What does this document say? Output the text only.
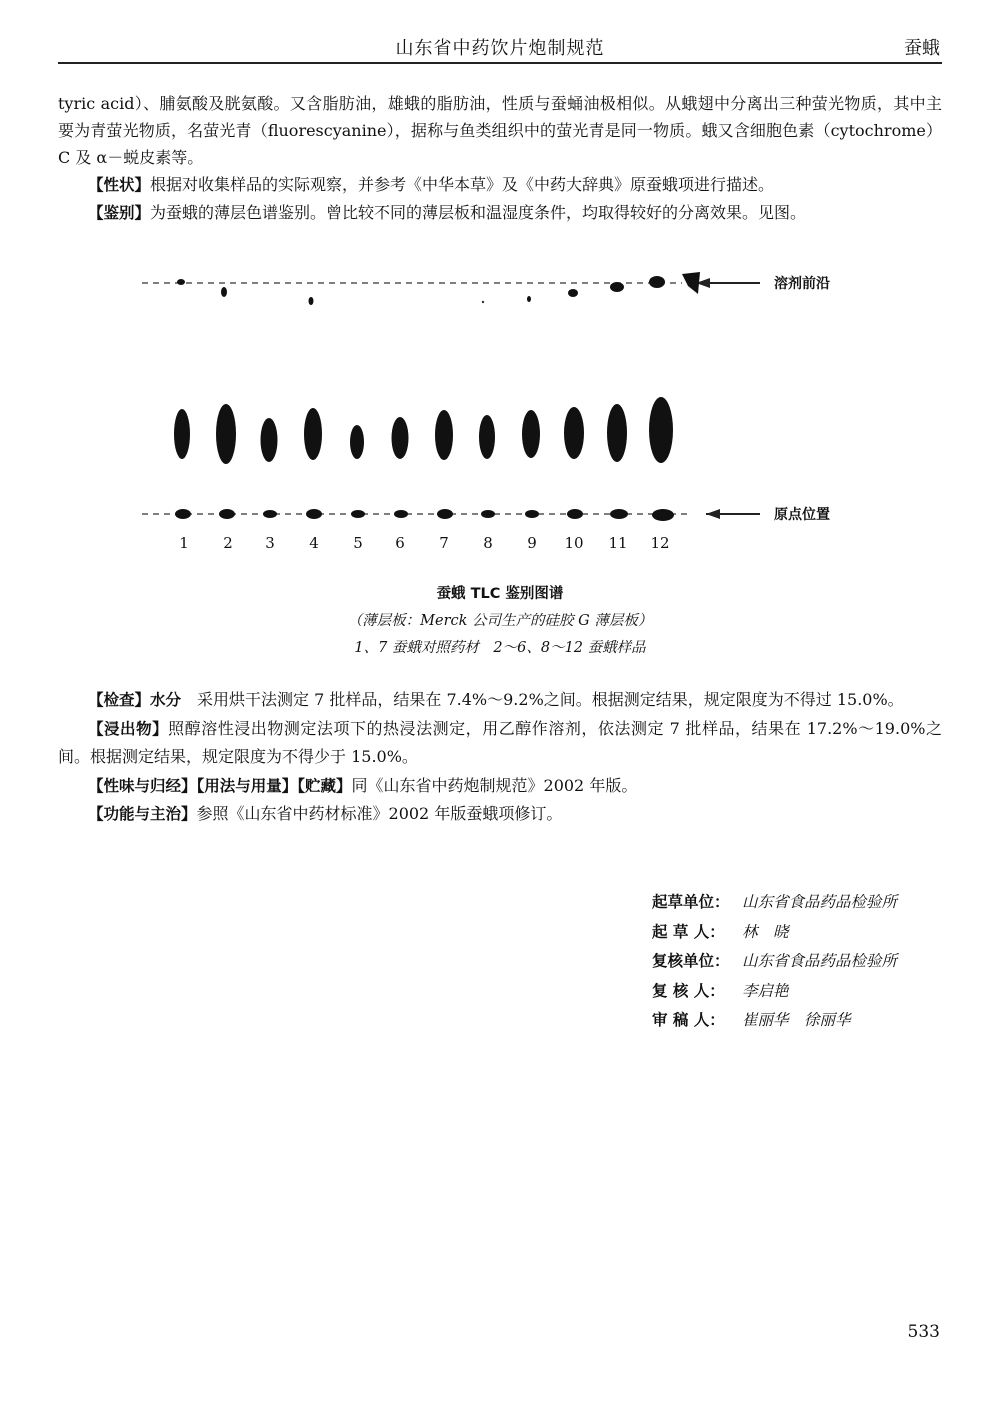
山东省中药饮片炮制规范	蚕蛾

tyric acid）、脯氨酸及胱氨酸。又含脂肪油，雄蛾的脂肪油，性质与蚕蛹油极相似。从蛾翅中分离出三种萤光物质，其中主要为青萤光物质，名萤光青（fluorescyanine），据称与鱼类组织中的萤光青是同一物质。蛾又含细胞色素（cytochrome）C 及 α－蜕皮素等。

【性状】根据对收集样品的实际观察，并参考《中华本草》及《中药大辞典》原蚕蛾项进行描述。

【鉴别】为蚕蛾的薄层色谱鉴别。曾比较不同的薄层板和温湿度条件，均取得较好的分离效果。见图。

溶剂前沿
原点位置
1 2 3 4 5 6 7 8 9 10 11 12
蚕蛾 TLC 鉴别图谱
（薄层板：Merck 公司生产的硅胶 G 薄层板）
1、7 蚕蛾对照药材　2～6、8～12 蚕蛾样品

【检查】水分　 采用烘干法测定 7 批样品，结果在 7.4%～9.2%之间。根据测定结果，规定限度为不得过 15.0%。

【浸出物】照醇溶性浸出物测定法项下的热浸法测定，用乙醇作溶剂，依法测定 7 批样品，结果在 17.2%～19.0%之间。根据测定结果，规定限度为不得少于 15.0%。

【性味与归经】【用法与用量】【贮藏】同《山东省中药炮制规范》2002 年版。

【功能与主治】参照《山东省中药材标准》2002 年版蚕蛾项修订。

起草单位： 山东省食品药品检验所
起 草 人： 林　晓
复核单位： 山东省食品药品检验所
复 核 人： 李启艳
审 稿 人： 崔丽华　徐丽华
533
